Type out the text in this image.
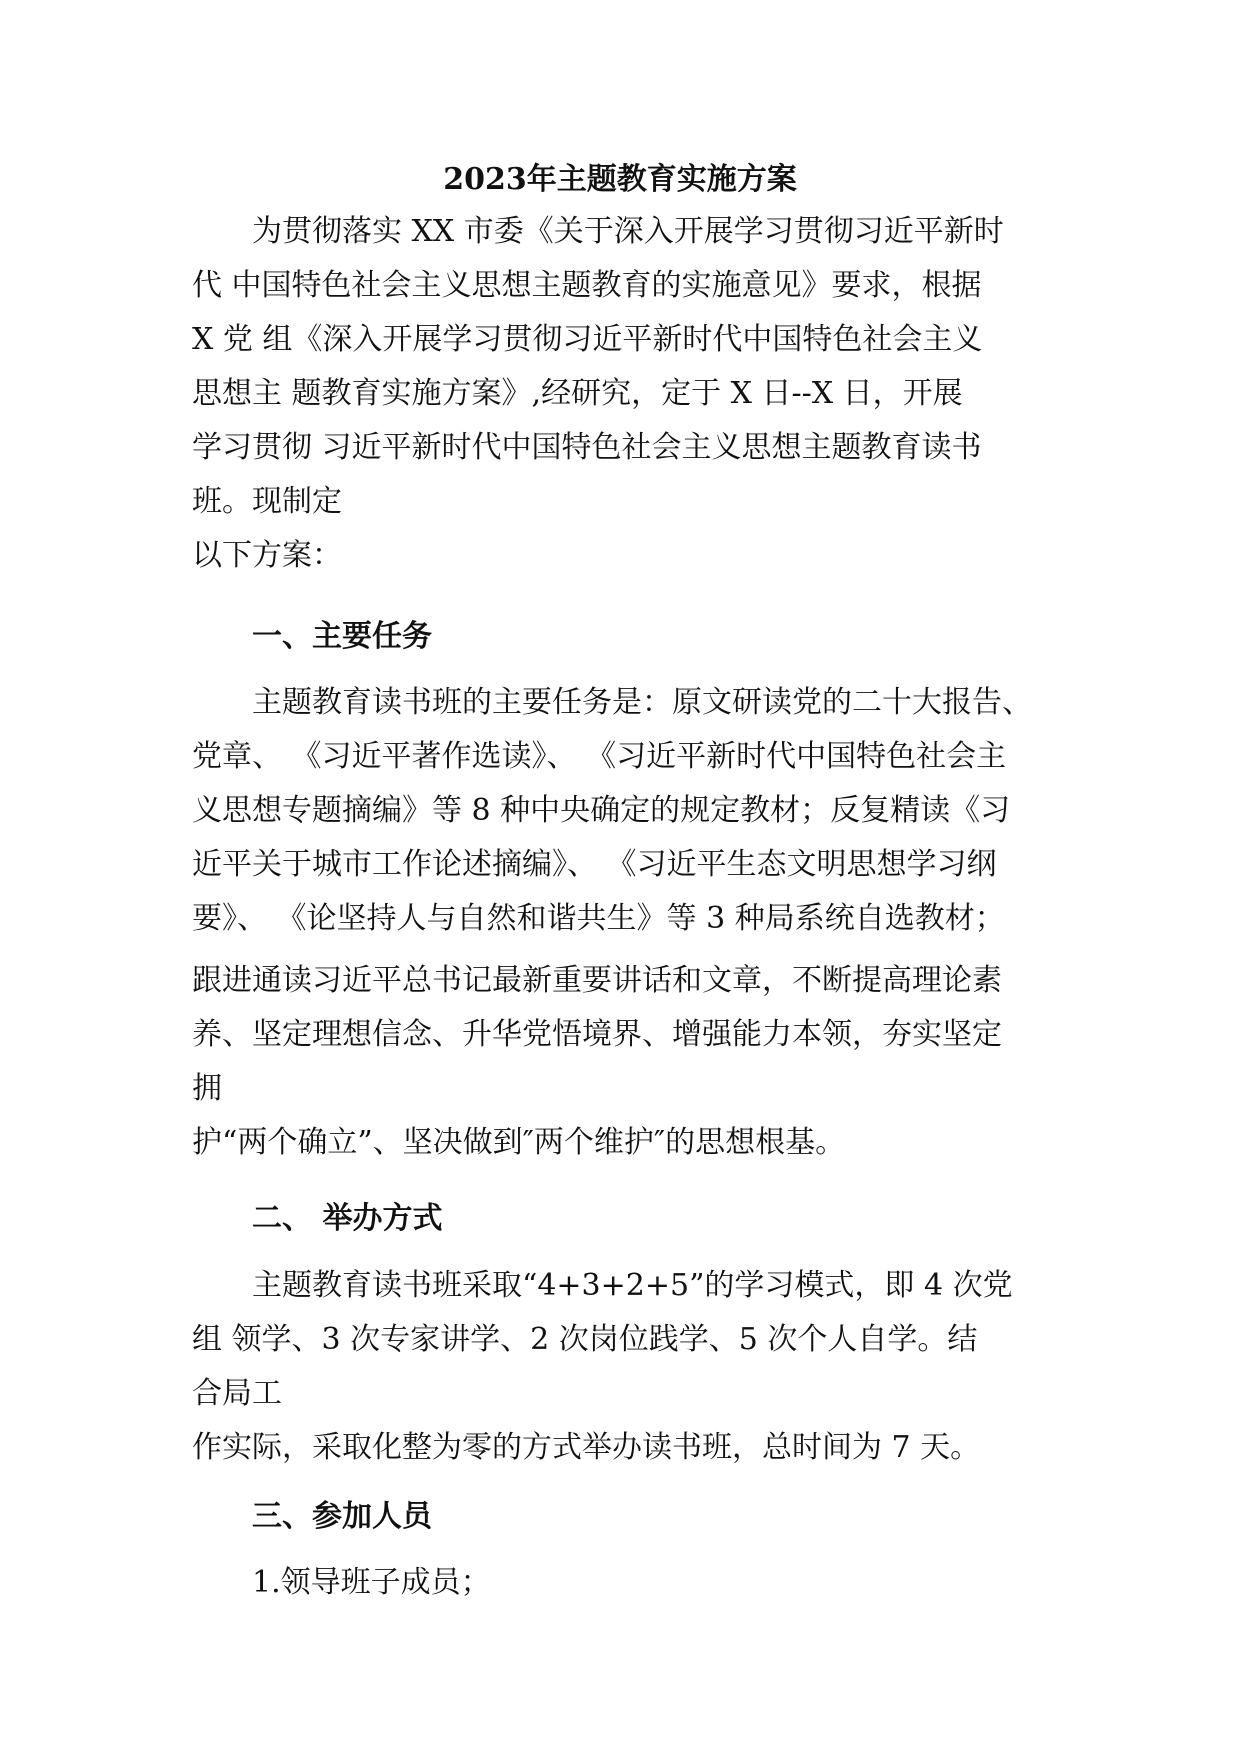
2023年主题教育实施方案
为贯彻落实 XX 市委《关于深入开展学习贯彻习近平新时
代 中国特色社会主义思想主题教育的实施意见》要求，根据
X 党 组《深入开展学习贯彻习近平新时代中国特色社会主义
思想主 题教育实施方案》,经研究，定于 X 日--X 日，开展
学习贯彻 习近平新时代中国特色社会主义思想主题教育读书
班。现制定
以下方案：
一、主要任务
主题教育读书班的主要任务是：原文研读党的二十大报告、
党章、 《习近平著作选读》、 《习近平新时代中国特色社会主
义思想专题摘编》等 8 种中央确定的规定教材；反复精读《习
近平关于城市工作论述摘编》、 《习近平生态文明思想学习纲
要》、 《论坚持人与自然和谐共生》等 3 种局系统自选教材；
跟进通读习近平总书记最新重要讲话和文章，不断提高理论素
养、坚定理想信念、升华党悟境界、增强能力本领，夯实坚定
拥
护“两个确立”、坚决做到″两个维护″的思想根基。
二、 举办方式
主题教育读书班采取“4+3+2+5”的学习模式，即 4 次党
组 领学、3 次专家讲学、2 次岗位践学、5 次个人自学。结
合局工
作实际，采取化整为零的方式举办读书班，总时间为 7 天。
三、参加人员
1.领导班子成员；
